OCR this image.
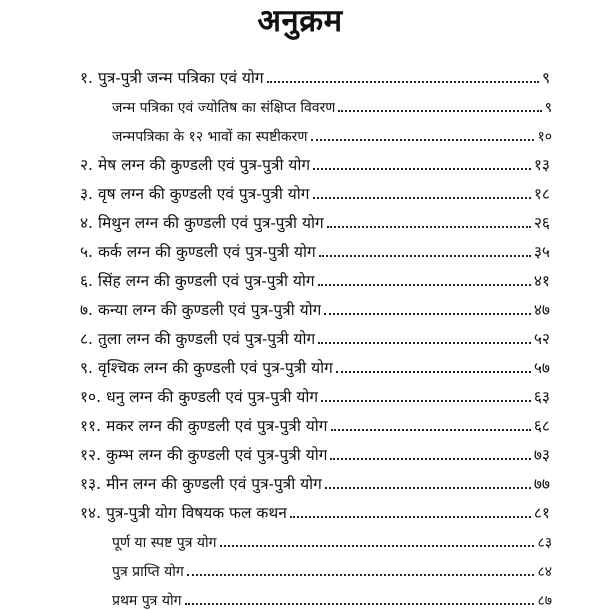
अनुक्रम
१. पुत्र-पुत्री जन्म पत्रिका एवं योग	९
जन्म पत्रिका एवं ज्योतिष का संक्षिप्त विवरण	९
जन्मपत्रिका के १२ भावों का स्पष्टीकरण	१०
२. मेष लग्न की कुण्डली एवं पुत्र-पुत्री योग	१३
३. वृष लग्न की कुण्डली एवं पुत्र-पुत्री योग	१८
४. मिथुन लग्न की कुण्डली एवं पुत्र-पुत्री योग	२६
५. कर्क लग्न की कुण्डली एवं पुत्र-पुत्री योग	३५
६. सिंह लग्न की कुण्डली एवं पुत्र-पुत्री योग	४१
७. कन्या लग्न की कुण्डली एवं पुत्र-पुत्री योग	४७
८. तुला लग्न की कुण्डली एवं पुत्र-पुत्री योग	५२
९. वृश्चिक लग्न की कुण्डली एवं पुत्र-पुत्री योग	५७
१०. धनु लग्न की कुण्डली एवं पुत्र-पुत्री योग	६३
११. मकर लग्न की कुण्डली एवं पुत्र-पुत्री योग	६८
१२. कुम्भ लग्न की कुण्डली एवं पुत्र-पुत्री योग	७३
१३. मीन लग्न की कुण्डली एवं पुत्र-पुत्री योग	७७
१४. पुत्र-पुत्री योग विषयक फल कथन	८१
पूर्ण या स्पष्ट पुत्र योग	८३
पुत्र प्राप्ति योग	८४
प्रथम पुत्र योग	८७
